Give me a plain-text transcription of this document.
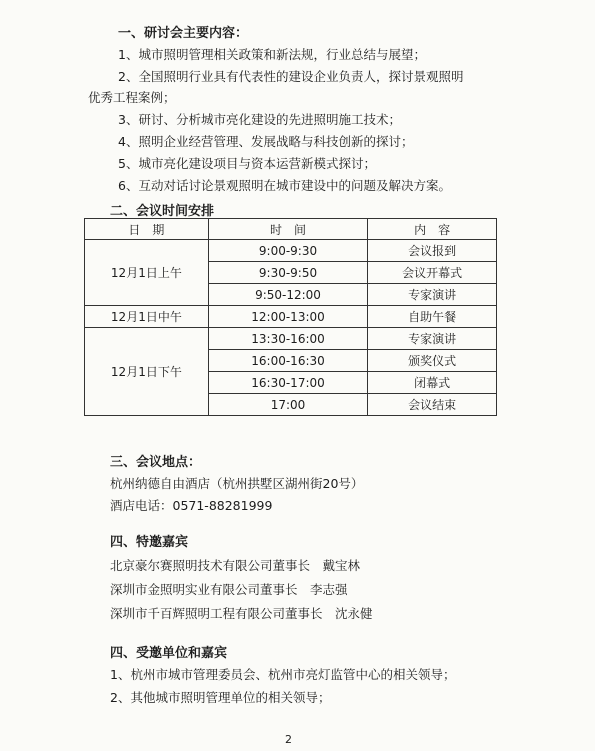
一、研讨会主要内容：
1、城市照明管理相关政策和新法规，行业总结与展望；
2、全国照明行业具有代表性的建设企业负责人，探讨景观照明
优秀工程案例；
3、研讨、分析城市亮化建设的先进照明施工技术；
4、照明企业经营管理、发展战略与科技创新的探讨；
5、城市亮化建设项目与资本运营新模式探讨；
6、互动对话讨论景观照明在城市建设中的问题及解决方案。
二、会议时间安排
日　期	时　间	内　容
12月1日上午	9:00-9:30	会议报到
	9:30-9:50	会议开幕式
	9:50-12:00	专家演讲
12月1日中午	12:00-13:00	自助午餐
12月1日下午	13:30-16:00	专家演讲
	16:00-16:30	颁奖仪式
	16:30-17:00	闭幕式
	17:00	会议结束
三、会议地点：
杭州纳德自由酒店（杭州拱墅区湖州街20号）
酒店电话：0571-88281999
四、特邀嘉宾
北京豪尔赛照明技术有限公司董事长　戴宝林
深圳市金照明实业有限公司董事长　李志强
深圳市千百辉照明工程有限公司董事长　沈永健
四、受邀单位和嘉宾
1、杭州市城市管理委员会、杭州市亮灯监管中心的相关领导；
2、其他城市照明管理单位的相关领导；
2
